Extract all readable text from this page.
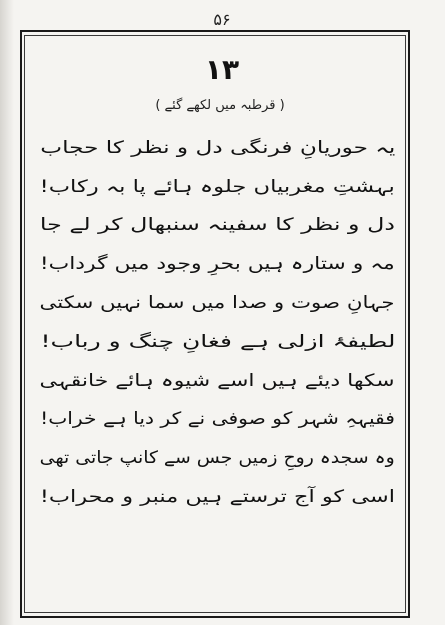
۵۶
۱۳
( قرطبہ میں لکھے گئے )
یہ حوریانِ فرنگی دل و نظر کا حجاب
بہشتِ مغربیاں جلوہ ہائے پا بہ رکاب!
دل و نظر کا سفینہ سنبھال کر لے جا
مہ و ستارہ ہیں بحرِ وجود میں گرداب!
جہانِ صوت و صدا میں سما نہیں سکتی
لطیفۂ ازلی ہے فغانِ چنگ و رباب!
سکھا دیئے ہیں اسے شیوہ ہائے خانقہی
فقیہہِ شہر کو صوفی نے کر دیا ہے خراب!
وہ سجدہ روحِ زمیں جس سے کانپ جاتی تھی
اسی کو آج ترستے ہیں منبر و محراب!
